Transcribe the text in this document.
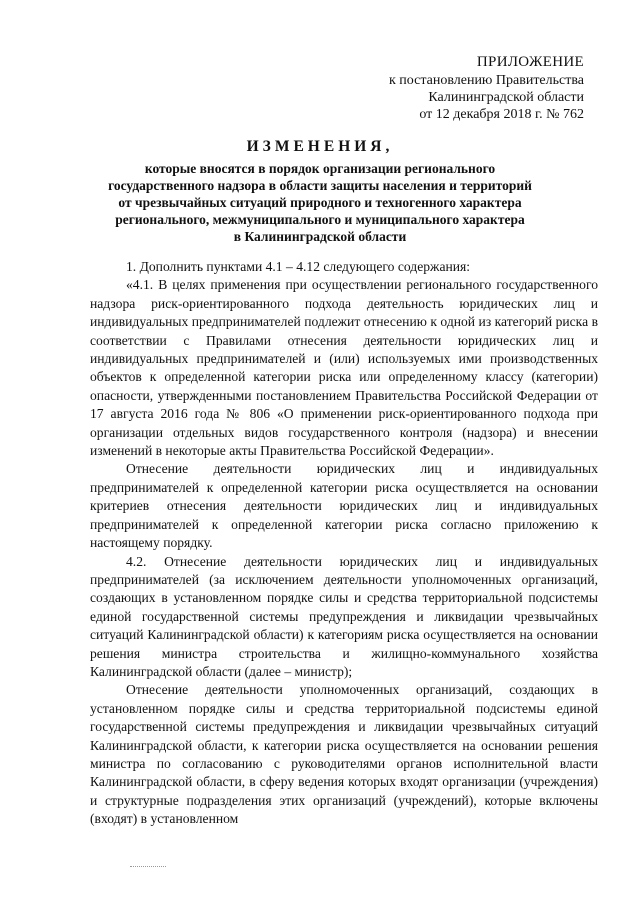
ПРИЛОЖЕНИЕ
к постановлению Правительства
Калининградской области
от 12 декабря 2018 г. № 762
ИЗМЕНЕНИЯ,
которые вносятся в порядок организации регионального
государственного надзора в области защиты населения и территорий
от чрезвычайных ситуаций природного и техногенного характера
регионального, межмуниципального и муниципального характера
в Калининградской области

1. Дополнить пунктами 4.1 – 4.12 следующего содержания:

«4.1. В целях применения при осуществлении регионального государственного надзора риск-ориентированного подхода деятельность юридических лиц и индивидуальных предпринимателей подлежит отнесению к одной из категорий риска в соответствии с Правилами отнесения деятельности юридических лиц и индивидуальных предпринимателей и (или) используемых ими производственных объектов к определенной категории риска или определенному классу (категории) опасности, утвержденными постановлением Правительства Российской Федерации от 17 августа 2016 года № 806 «О применении риск-ориентированного подхода при организации отдельных видов государственного контроля (надзора) и внесении изменений в некоторые акты Правительства Российской Федерации».

Отнесение деятельности юридических лиц и индивидуальных предпринимателей к определенной категории риска осуществляется на основании критериев отнесения деятельности юридических лиц и индивидуальных предпринимателей к определенной категории риска согласно приложению к настоящему порядку.

4.2. Отнесение деятельности юридических лиц и индивидуальных предпринимателей (за исключением деятельности уполномоченных организаций, создающих в установленном порядке силы и средства территориальной подсистемы единой государственной системы предупреждения и ликвидации чрезвычайных ситуаций Калининградской области) к категориям риска осуществляется на основании решения министра строительства и жилищно-коммунального хозяйства Калининградской области (далее – министр);

Отнесение деятельности уполномоченных организаций, создающих в установленном порядке силы и средства территориальной подсистемы единой государственной системы предупреждения и ликвидации чрезвычайных ситуаций Калининградской области, к категории риска осуществляется на основании решения министра по согласованию с руководителями органов исполнительной власти Калининградской области, в сферу ведения которых входят организации (учреждения) и структурные подразделения этих организаций (учреждений), которые включены (входят) в установленном
